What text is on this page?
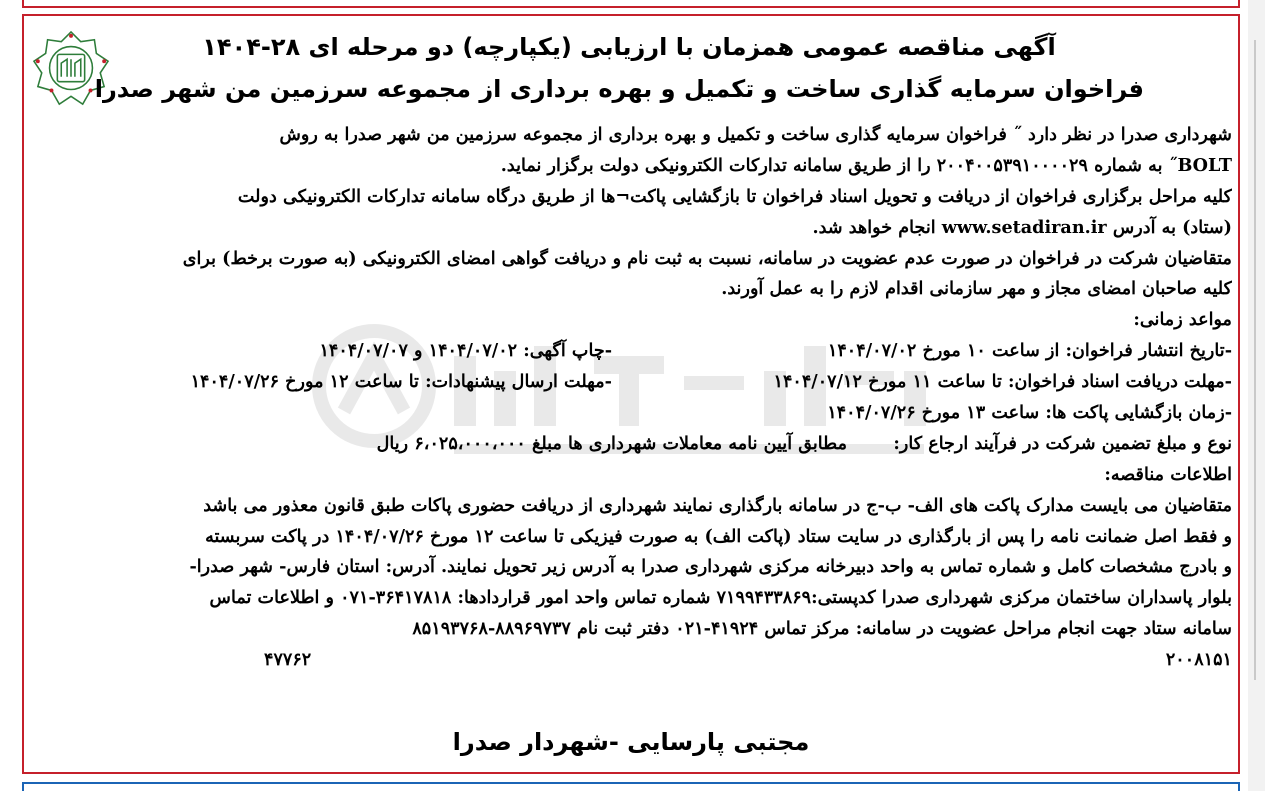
آگهی مناقصه عمومی همزمان با ارزیابی (یکپارچه) دو مرحله ای ۲۸-۱۴۰۴
فراخوان سرمایه گذاری ساخت و تکمیل و بهره برداری از مجموعه سرزمین من شهر صدرا
شهرداری صدرا در نظر دارد ˝ فراخوان سرمایه گذاری ساخت و تکمیل و بهره برداری از مجموعه سرزمین من شهر صدرا به روش
BOLT˝ به شماره ۲۰۰۴۰۰۵۳۹۱۰۰۰۰۲۹ را از طریق سامانه تدارکات الکترونیکی دولت برگزار نماید.
کلیه مراحل برگزاری فراخوان از دریافت و تحویل اسناد فراخوان تا بازگشایی پاکت¬ها از طریق درگاه سامانه تدارکات الکترونیکی دولت
(ستاد) به آدرس www.setadiran.ir انجام خواهد شد.
متقاضیان شرکت در فراخوان در صورت عدم عضویت در سامانه، نسبت به ثبت نام و دریافت گواهی امضای الکترونیکی (به صورت برخط) برای
کلیه صاحبان امضای مجاز و مهر سازمانی اقدام لازم را به عمل آورند.
مواعد زمانی:
-تاریخ انتشار فراخوان: از ساعت ۱۰ مورخ ۱۴۰۴/۰۷/۰۲
-چاپ آگهی: ۱۴۰۴/۰۷/۰۲ و ۱۴۰۴/۰۷/۰۷
-مهلت دریافت اسناد فراخوان: تا ساعت ۱۱ مورخ ۱۴۰۴/۰۷/۱۲
-مهلت ارسال پیشنهادات: تا ساعت ۱۲ مورخ ۱۴۰۴/۰۷/۲۶
-زمان بازگشایی پاکت ها: ساعت ۱۳ مورخ ۱۴۰۴/۰۷/۲۶
نوع و مبلغ تضمین شرکت در فرآیند ارجاع کار:
مطابق آیین نامه معاملات شهرداری ها مبلغ ۶،۰۲۵،۰۰۰،۰۰۰ ریال
اطلاعات مناقصه:
متقاضیان می بایست مدارک پاکت های الف- ب-ج در سامانه بارگذاری نمایند شهرداری از دریافت حضوری پاکات طبق قانون معذور می باشد
و فقط اصل ضمانت نامه را پس از بارگذاری در سایت ستاد (پاکت الف) به صورت فیزیکی تا ساعت ۱۲ مورخ ۱۴۰۴/۰۷/۲۶ در پاکت سربسته
و بادرج مشخصات کامل و شماره تماس به واحد دبیرخانه مرکزی شهرداری صدرا به آدرس زیر تحویل نمایند. آدرس: استان فارس- شهر صدرا-
بلوار پاسداران ساختمان مرکزی شهرداری صدرا کدپستی:۷۱۹۹۴۳۳۸۶۹ شماره تماس واحد امور قراردادها: ۳۶۴۱۷۸۱۸-۰۷۱ و اطلاعات تماس
سامانه ستاد جهت انجام مراحل عضویت در سامانه: مرکز تماس ۴۱۹۲۴-۰۲۱ دفتر ثبت نام ۸۸۹۶۹۷۳۷-۸۵۱۹۳۷۶۸
۲۰۰۸۱۵۱
۴۷۷۶۲
مجتبی پارسایی -شهردار صدرا
